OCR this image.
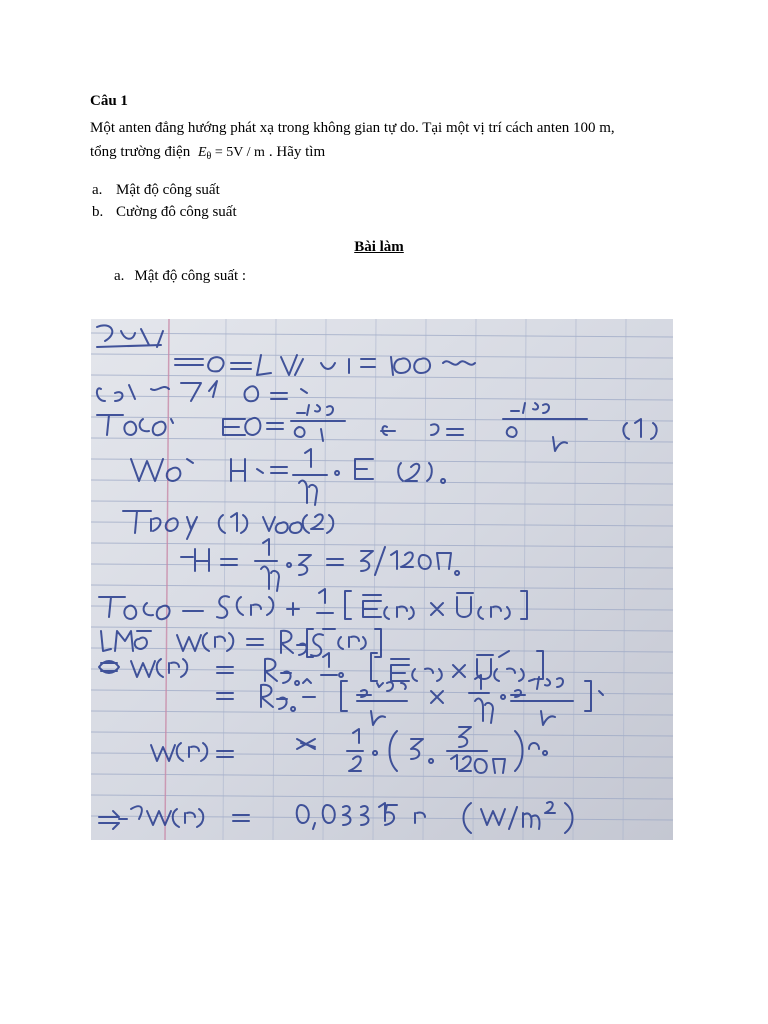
Câu 1
Một anten đẳng hướng phát xạ trong không gian tự do. Tại một vị trí cách anten 100 m,
tổng trường điện $E_\theta = 5V / m$ . Hãy tìm
a. Mật độ công suất
b. Cường đô công suất
Bài làm
a. Mật độ công suất :
